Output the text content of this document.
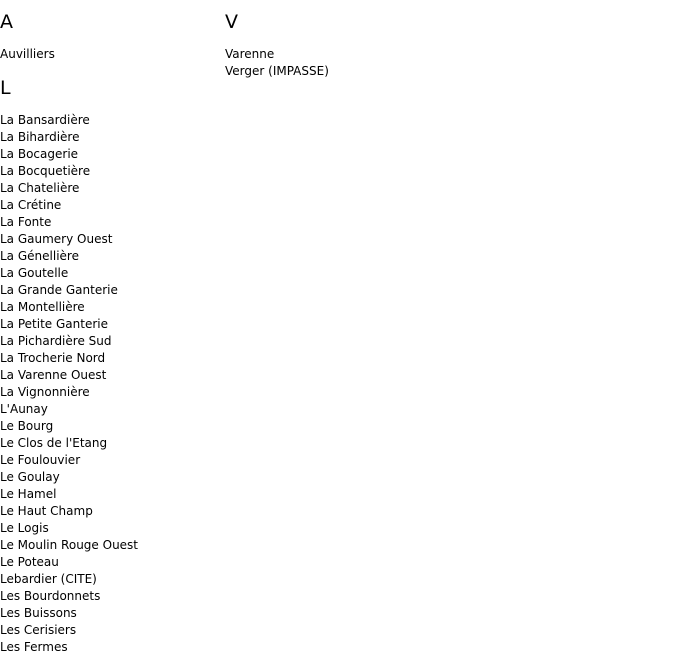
A
Auvilliers
L
La Bansardière
La Bihardière
La Bocagerie
La Bocquetière
La Chatelière
La Crétine
La Fonte
La Gaumery Ouest
La Génellière
La Goutelle
La Grande Ganterie
La Montellière
La Petite Ganterie
La Pichardière Sud
La Trocherie Nord
La Varenne Ouest
La Vignonnière
L'Aunay
Le Bourg
Le Clos de l'Etang
Le Foulouvier
Le Goulay
Le Hamel
Le Haut Champ
Le Logis
Le Moulin Rouge Ouest
Le Poteau
Lebardier (CITE)
Les Bourdonnets
Les Buissons
Les Cerisiers
Les Fermes
V
Varenne
Verger (IMPASSE)
